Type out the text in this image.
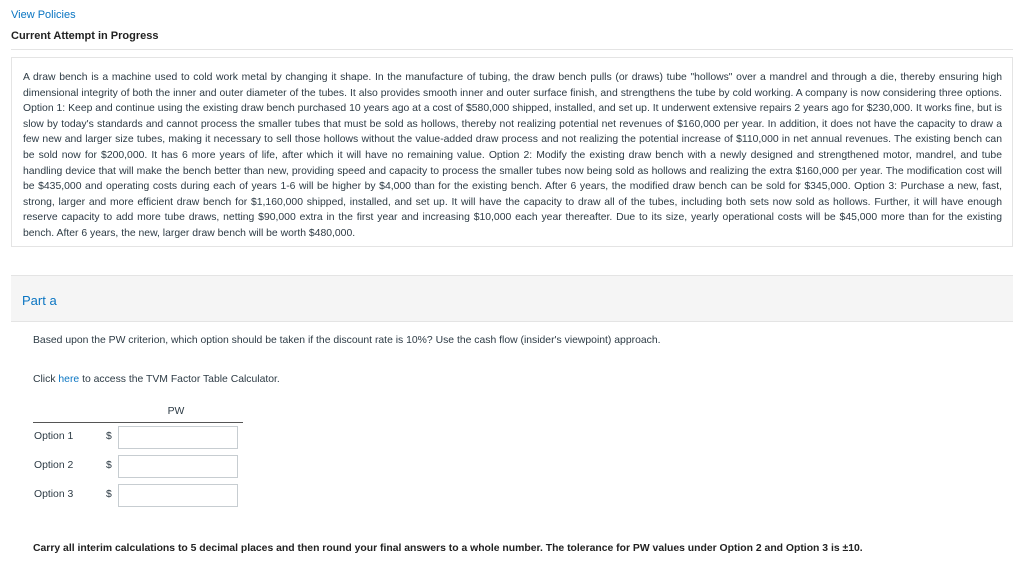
View Policies
Current Attempt in Progress

A draw bench is a machine used to cold work metal by changing it shape. In the manufacture of tubing, the draw bench pulls (or draws) tube "hollows" over a mandrel and through a die, thereby ensuring high dimensional integrity of both the inner and outer diameter of the tubes. It also provides smooth inner and outer surface finish, and strengthens the tube by cold working. A company is now considering three options. Option 1: Keep and continue using the existing draw bench purchased 10 years ago at a cost of $580,000 shipped, installed, and set up. It underwent extensive repairs 2 years ago for $230,000. It works fine, but is slow by today's standards and cannot process the smaller tubes that must be sold as hollows, thereby not realizing potential net revenues of $160,000 per year. In addition, it does not have the capacity to draw a few new and larger size tubes, making it necessary to sell those hollows without the value-added draw process and not realizing the potential increase of $110,000 in net annual revenues. The existing bench can be sold now for $200,000. It has 6 more years of life, after which it will have no remaining value. Option 2: Modify the existing draw bench with a newly designed and strengthened motor, mandrel, and tube handling device that will make the bench better than new, providing speed and capacity to process the smaller tubes now being sold as hollows and realizing the extra $160,000 per year. The modification cost will be $435,000 and operating costs during each of years 1-6 will be higher by $4,000 than for the existing bench. After 6 years, the modified draw bench can be sold for $345,000. Option 3: Purchase a new, fast, strong, larger and more efficient draw bench for $1,160,000 shipped, installed, and set up. It will have the capacity to draw all of the tubes, including both sets now sold as hollows. Further, it will have enough reserve capacity to add more tube draws, netting $90,000 extra in the first year and increasing $10,000 each year thereafter. Due to its size, yearly operational costs will be $45,000 more than for the existing bench. After 6 years, the new, larger draw bench will be worth $480,000.

Part a
Based upon the PW criterion, which option should be taken if the discount rate is 10%? Use the cash flow (insider's viewpoint) approach.
Click here to access the TVM Factor Table Calculator.
PW
Option 1	$
Option 2	$
Option 3	$
Carry all interim calculations to 5 decimal places and then round your final answers to a whole number. The tolerance for PW values under Option 2 and Option 3 is ±10.
